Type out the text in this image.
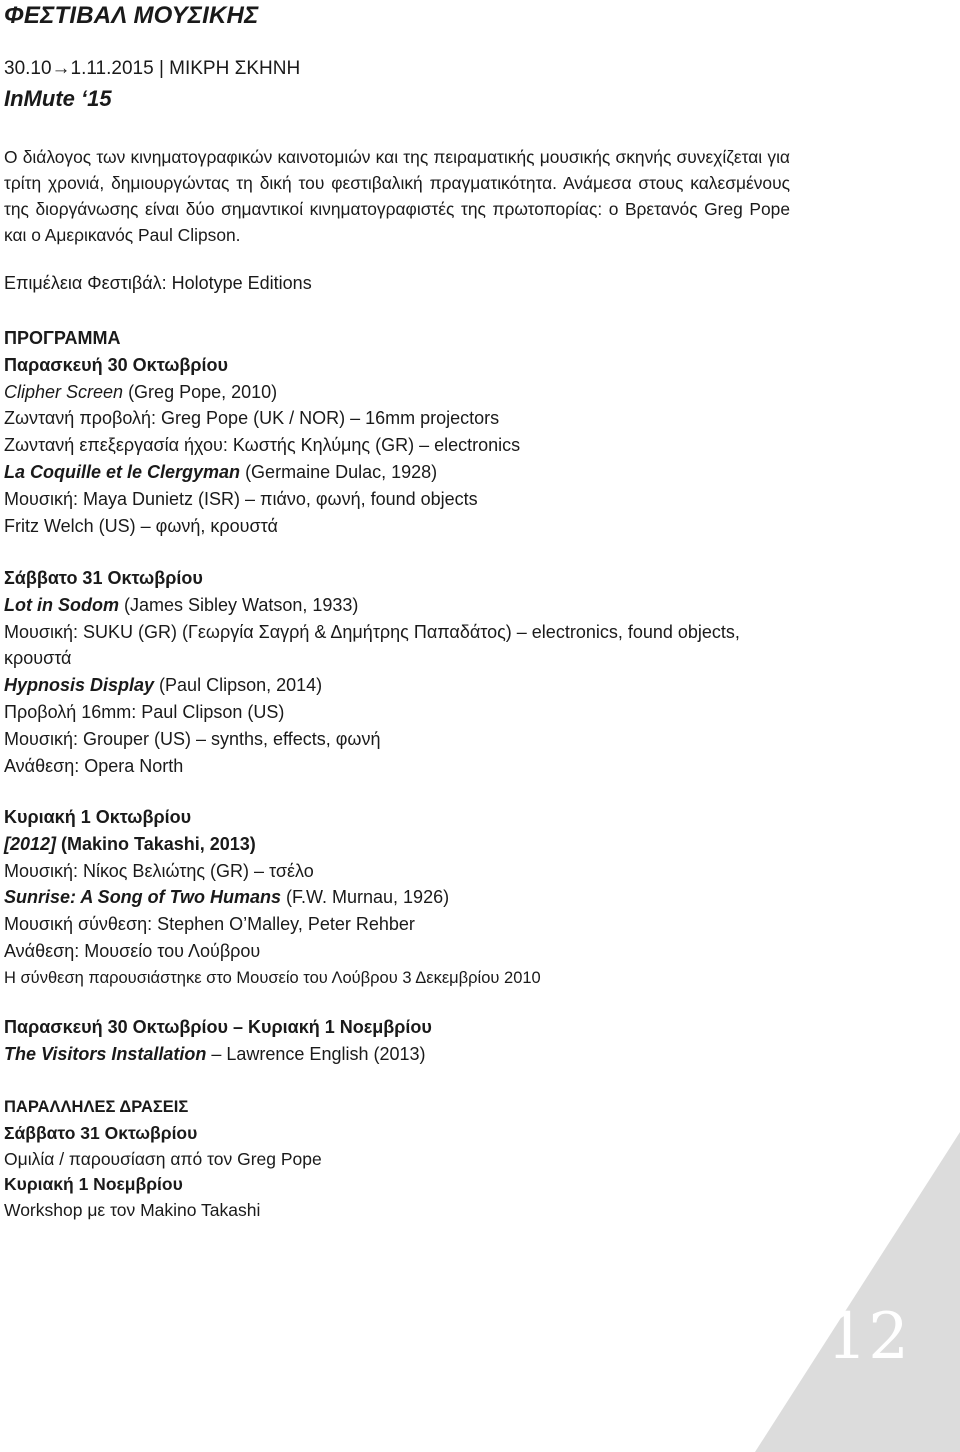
ΦΕΣΤΙΒΑΛ ΜΟΥΣΙΚΗΣ
30.10→1.11.2015 | ΜΙΚΡΗ ΣΚΗΝΗ
InMute ‘15

Ο διάλογος των κινηματογραφικών καινοτομιών και της πειραματικής μουσικής σκηνής συνεχίζεται για τρίτη χρονιά, δημιουργώντας τη δική του φεστιβαλική πραγματικότητα. Ανάμεσα στους καλεσμένους της διοργάνωσης είναι δύο σημαντικοί κινηματογραφιστές της πρωτοπορίας: ο Βρετανός Greg Pope και ο Αμερικανός Paul Clipson.

Επιμέλεια Φεστιβάλ: Holotype Editions
ΠΡΟΓΡΑΜΜΑ
Παρασκευή 30 Οκτωβρίου
Clipher Screen (Greg Pope, 2010)
Ζωντανή προβολή: Greg Pope (UK / NOR) – 16mm projectors
Ζωντανή επεξεργασία ήχου: Κωστής Κηλύμης (GR) – electronics
La Coquille et le Clergyman (Germaine Dulac, 1928)
Μουσική: Maya Dunietz (ISR) – πιάνο, φωνή, found objects
Fritz Welch (US) – φωνή, κρουστά
Σάββατο 31 Οκτωβρίου
Lot in Sodom (James Sibley Watson, 1933)
Μουσική: SUKU (GR) (Γεωργία Σαγρή & Δημήτρης Παπαδάτος) – electronics, found objects, κρουστά
Hypnosis Display (Paul Clipson, 2014)
Προβολή 16mm: Paul Clipson (US)
Μουσική: Grouper (US) – synths, effects, φωνή
Ανάθεση: Opera North
Κυριακή 1 Οκτωβρίου
[2012] (Makino Takashi, 2013)
Μουσική: Νίκος Βελιώτης (GR) – τσέλο
Sunrise: A Song of Two Humans (F.W. Murnau, 1926)
Μουσική σύνθεση: Stephen O’Malley, Peter Rehber
Ανάθεση: Μουσείο του Λούβρου
Η σύνθεση παρουσιάστηκε στο Μουσείο του Λούβρου 3 Δεκεμβρίου 2010
Παρασκευή 30 Οκτωβρίου – Κυριακή 1 Νοεμβρίου
The Visitors Installation – Lawrence English (2013)
ΠΑΡΑΛΛΗΛΕΣ ΔΡΑΣΕΙΣ
Σάββατο 31 Οκτωβρίου
Ομιλία / παρουσίαση από τον Greg Pope
Κυριακή 1 Νοεμβρίου
Workshop με τον Makino Takashi
12
